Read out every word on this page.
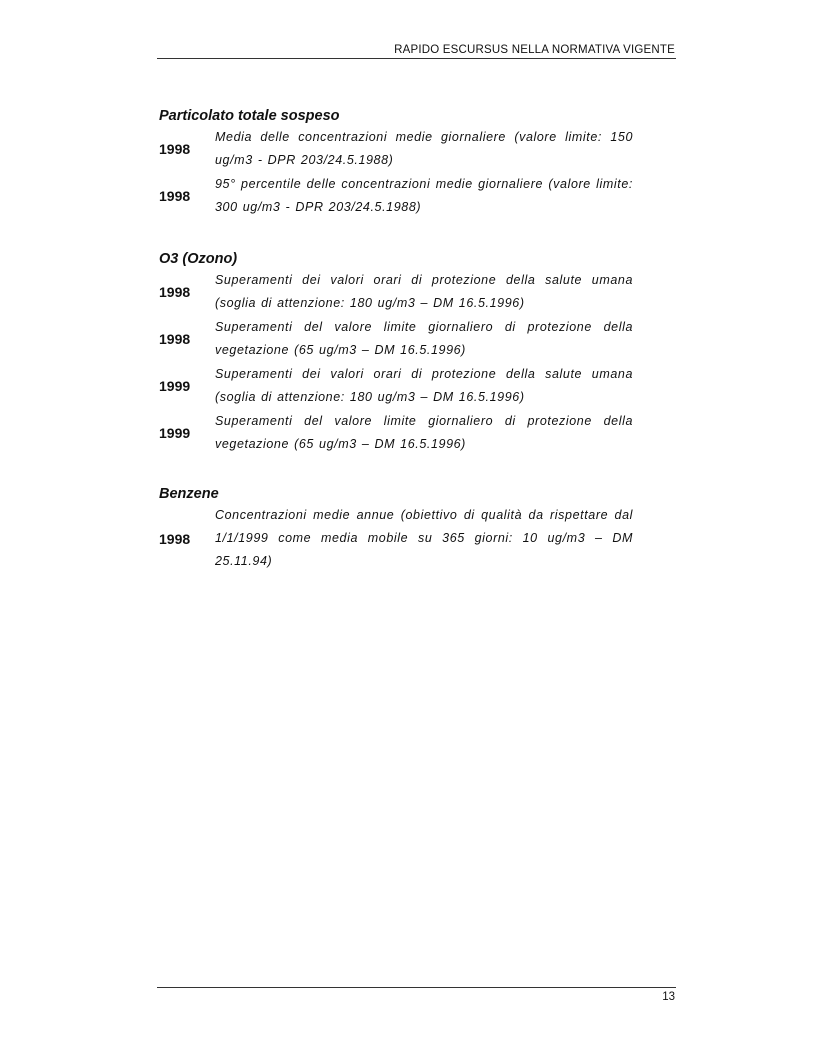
RAPIDO ESCURSUS NELLA NORMATIVA VIGENTE
Particolato totale sospeso
1998
Media delle concentrazioni medie giornaliere (valore limite: 150 ug/m3 - DPR 203/24.5.1988)
1998
95° percentile delle concentrazioni medie giornaliere (valore limite: 300 ug/m3 - DPR 203/24.5.1988)
O3 (Ozono)
1998
Superamenti dei valori orari di protezione della salute umana (soglia di attenzione: 180 ug/m3 – DM 16.5.1996)
1998
Superamenti del valore limite giornaliero di protezione della vegetazione (65 ug/m3 – DM 16.5.1996)
1999
Superamenti dei valori orari di protezione della salute umana (soglia di attenzione: 180 ug/m3 – DM 16.5.1996)
1999
Superamenti del valore limite giornaliero di protezione della vegetazione (65 ug/m3 – DM 16.5.1996)
Benzene
1998
Concentrazioni medie annue (obiettivo di qualità da rispettare dal 1/1/1999 come media mobile su 365 giorni: 10 ug/m3 – DM 25.11.94)
13
